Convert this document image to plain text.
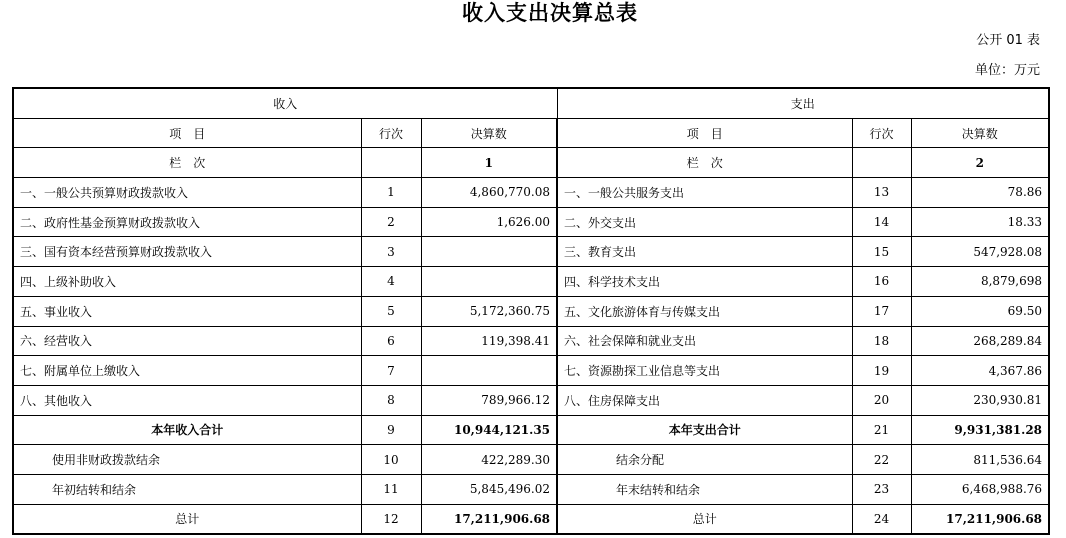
收入支出决算总表
公开 01 表
单位：万元
收入			支出		
项　目	行次	决算数	项　目	行次	决算数
栏　次		1	栏　次		2
一、一般公共预算财政拨款收入	1	4,860,770.08	一、一般公共服务支出	13	78.86
二、政府性基金预算财政拨款收入	2	1,626.00	二、外交支出	14	18.33
三、国有资本经营预算财政拨款收入	3		三、教育支出	15	547,928.08
四、上级补助收入	4		四、科学技术支出	16	8,879,698
五、事业收入	5	5,172,360.75	五、文化旅游体育与传媒支出	17	69.50
六、经营收入	6	119,398.41	六、社会保障和就业支出	18	268,289.84
七、附属单位上缴收入	7		七、资源勘探工业信息等支出	19	4,367.86
八、其他收入	8	789,966.12	八、住房保障支出	20	230,930.81
本年收入合计	9	10,944,121.35	本年支出合计	21	9,931,381.28
使用非财政拨款结余	10	422,289.30	结余分配	22	811,536.64
年初结转和结余	11	5,845,496.02	年末结转和结余	23	6,468,988.76
总计	12	17,211,906.68	总计	24	17,211,906.68
